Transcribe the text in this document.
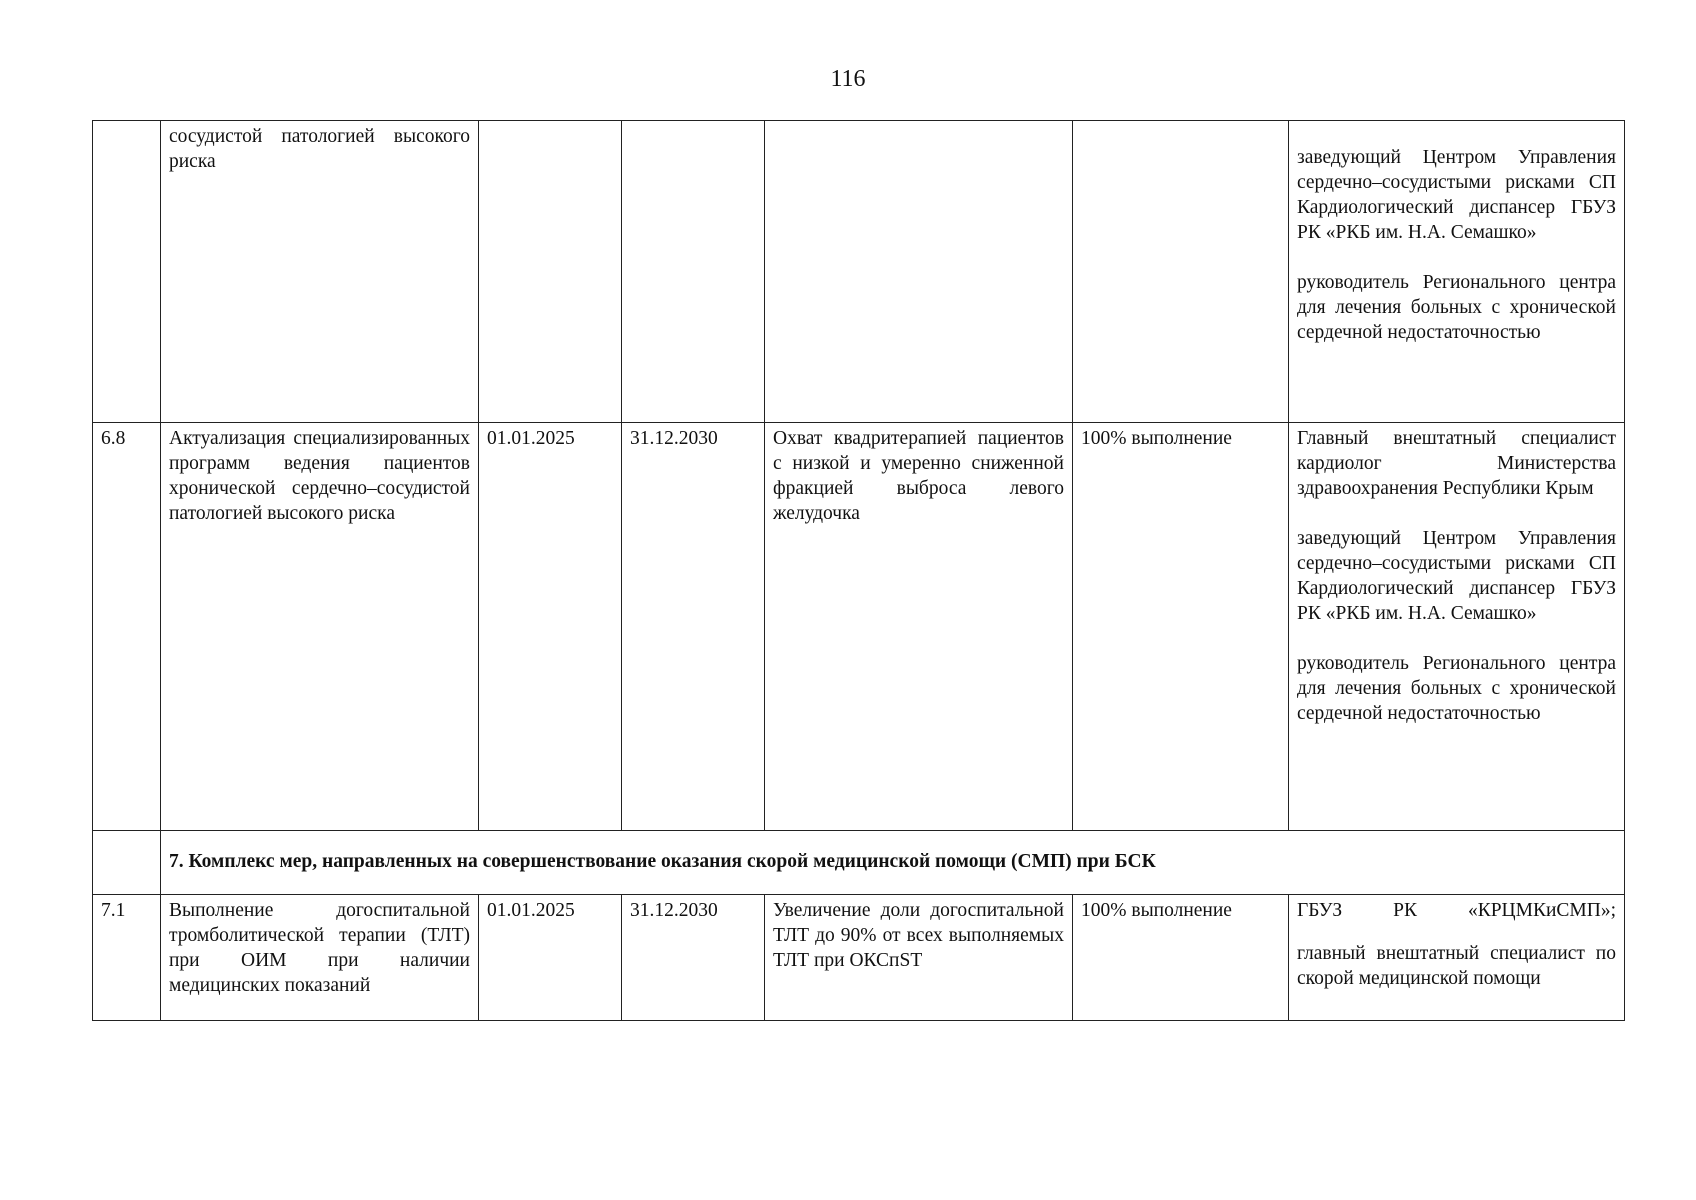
116
	сосудистой патологией высокого риска					заведующий Центром Управления сердечно–сосудистыми рисками СП Кардиологический диспансер ГБУЗ РК «РКБ им. Н.А. Семашко»
руководитель Регионального центра для лечения больных с хронической сердечной недостаточностью

6.8	Актуализация специализированных программ ведения пациентов хронической сердечно–сосудистой патологией высокого риска	01.01.2025	31.12.2030	Охват квадритерапией пациентов с низкой и умеренно сниженной фракцией выброса левого желудочка	100% выполнение	Главный внештатный специалист кардиолог Министерства здравоохранения Республики Крым
заведующий Центром Управления сердечно–сосудистыми рисками СП Кардиологический диспансер ГБУЗ РК «РКБ им. Н.А. Семашко»
руководитель Регионального центра для лечения больных с хронической сердечной недостаточностью

	7. Комплекс мер, направленных на совершенствование оказания скорой медицинской помощи (СМП) при БСК					
7.1	Выполнение догоспитальной тромболитической терапии (ТЛТ) при ОИМ при наличии медицинских показаний	01.01.2025	31.12.2030	Увеличение доли догоспитальной ТЛТ до 90% от всех выполняемых ТЛТ при ОКСпST	100% выполнение	ГБУЗ РК «КРЦМКиСМП»;
главный внештатный специалист по скорой медицинской помощи
